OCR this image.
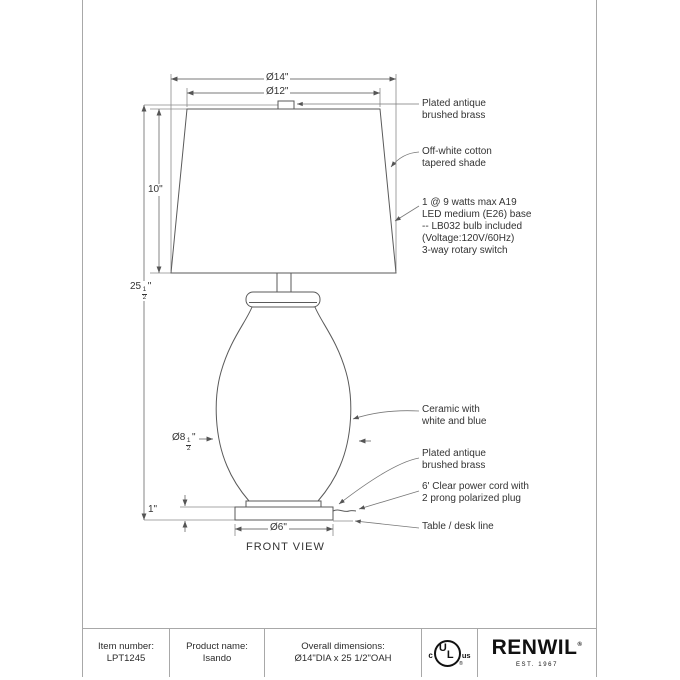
Ø14"
Ø12"
10"
25
$\frac{1}{2}$
"
Ø8
$\frac{1}{2}$
"
1"
Ø6"
Plated antique
brushed brass
Off-white cotton
tapered shade
1 @ 9 watts max A19
LED medium (E26) base
-- LB032 bulb included
(Voltage:120V/60Hz)
3-way rotary switch
Ceramic with
white and blue
Plated antique
brushed brass
6' Clear power cord with
2 prong polarized plug
Table / desk line
FRONT VIEW
Item number:
LPT1245
Product name:
Isando
Overall dimensions:
Ø14"DIA x 25 1/2"OAH	c
U
L
®
us RENWIL®
EST. 1967
